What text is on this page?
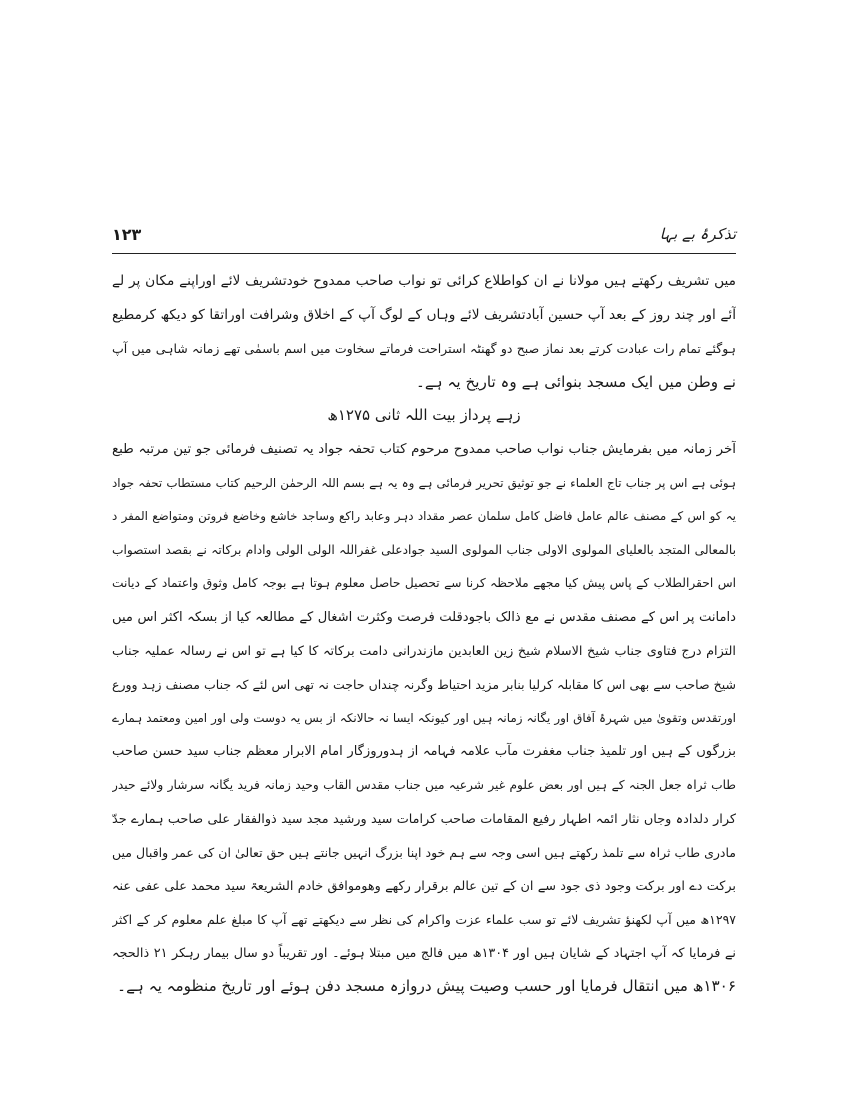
تذکرۂ بے بہا
۱۲۳
میں تشریف رکھتے ہیں مولانا نے ان کواطلاع کرائی تو نواب صاحب ممدوح خودتشریف لائے اوراپنے مکان پر لے
آئے اور چند روز کے بعد آپ حسین آبادتشریف لائے وہاں کے لوگ آپ کے اخلاق وشرافت اوراتقا کو دیکھ کرمطیع
ہوگئے تمام رات عبادت کرتے بعد نماز صبح دو گھنٹہ استراحت فرماتے سخاوت میں اسم باسمٰی تھے زمانہ شاہی میں آپ
نے وطن میں ایک مسجد بنوائی ہے وہ تاریخ یہ ہے۔
زہے پرداز بیت اللہ ثانی ۱۲۷۵ھ
آخر زمانہ میں بفرمایش جناب نواب صاحب ممدوح مرحوم کتاب تحفہ جواد یہ تصنیف فرمائی جو تین مرتبہ طبع
ہوئی ہے اس پر جناب تاج العلماء نے جو توثیق تحریر فرمائی ہے وہ یہ ہے بسم اللہ الرحمٰن الرحیم کتاب مستطاب تحفہ جواد
یہ کو اس کے مصنف عالم عامل فاضل کامل سلمان عصر مقداد دہر وعابد راکع وساجد خاشع وخاضع فروتن ومتواضع المفر د
بالمعالی المتجد بالعلیای المولوی الاولی جناب المولوی السید جوادعلی غفراللہ الولی الولی وادام برکاتہ نے بقصد استصواب
اس احقرالطلاب کے پاس پیش کیا مجھے ملاحظہ کرنا سے تحصیل حاصل معلوم ہوتا ہے بوجہ کامل وثوق واعتماد کے دیانت
دامانت پر اس کے مصنف مقدس نے مع ذالک باجودقلت فرصت وکثرت اشغال کے مطالعہ کیا از بسکہ اکثر اس میں
التزام درج فتاوی جناب شیخ الاسلام شیخ زین العابدین مازندرانی دامت برکاتہ کا کیا ہے تو اس نے رسالہ عملیہ جناب
شیخ صاحب سے بھی اس کا مقابلہ کرلیا بنابر مزید احتیاط وگرنہ چنداں حاجت نہ تھی اس لئے کہ جناب مصنف زہد وورع
اورتقدس وتقویٰ میں شہرۂ آفاق اور یگانہ زمانہ ہیں اور کیونکہ ایسا نہ حالانکہ از بس یہ دوست ولی اور امین ومعتمد ہمارے
بزرگوں کے ہیں اور تلمیذ جناب مغفرت مآب علامہ فہامہ از ہدوروزگار امام الابرار معظم جناب سید حسن صاحب
طاب ثراہ جعل الجنہ کے ہیں اور بعض علوم غیر شرعیہ میں جناب مقدس القاب وحید زمانہ فرید یگانہ سرشار ولائے حیدر
کرار دلدادہ وجاں نثار ائمہ اطہار رفیع المقامات صاحب کرامات سید ورشید مجد سید ذوالفقار علی صاحب ہمارے جدّ
مادری طاب ثراہ سے تلمذ رکھتے ہیں اسی وجہ سے ہم خود اپنا بزرگ انہیں جانتے ہیں حق تعالیٰ ان کی عمر واقبال میں
برکت دے اور برکت وجود ذی جود سے ان کے تین عالم برقرار رکھے وھوموافق خادم الشریعۃ سید محمد علی عفی عنہ
۱۲۹۷ھ میں آپ لکھنؤ تشریف لائے تو سب علماء عزت واکرام کی نظر سے دیکھتے تھے آپ کا مبلغ علم معلوم کر کے اکثر
نے فرمایا کہ آپ اجتہاد کے شایان ہیں اور ۱۳۰۴ھ میں فالج میں مبتلا ہوئے۔ اور تقریباً دو سال بیمار رہکر ۲۱ ذالحجہ
۱۳۰۶ھ میں انتقال فرمایا اور حسب وصیت پیش دروازہ مسجد دفن ہوئے اور تاریخ منظومہ یہ ہے۔
